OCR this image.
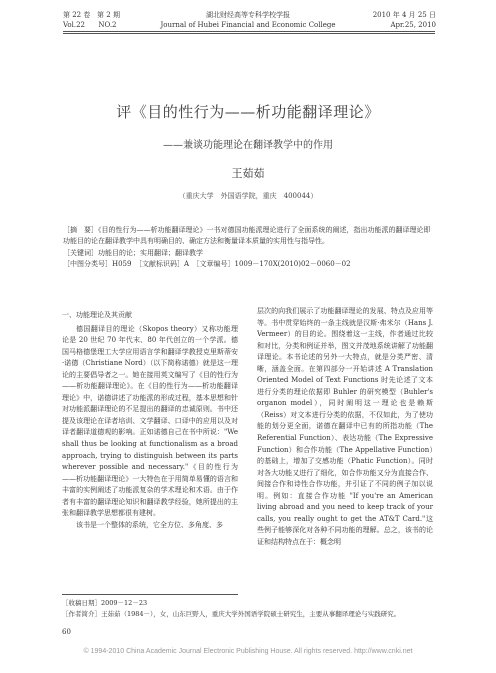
第 22 卷 第 2 期
Vol.22 NO.2
湖北财经高等专科学校学报
Journal of Hubei Financial and Economic College
2010 年 4 月 25 日
Apr.25, 2010
评《目的性行为——析功能翻译理论》
——兼谈功能理论在翻译教学中的作用
王茹茹
（重庆大学　外国语学院，重庆　400044）

［摘　要］《目的性行为——析功能翻译理论》一书对德国功能派理论进行了全面系统的阐述，指出功能派的翻译理论即功能目的论在翻译教学中具有明确目的、确定方法和衡量译本质量的实用性与指导性。

［关键词］功能目的论；实用翻译；翻译教学

［中图分类号］H059　［文献标识码］A　［文章编号］1009－170X(2010)02－0060－02

一、功能理论及其贡献

德国翻译目的理论（Skopos theory）又称功能理论是 20 世纪 70 年代末、80 年代创立的一个学派。德国马格德堡理工大学应用语言学和翻译学教授克里斯蒂安·诺德（Christiane Nord）（以下简称诺德）就是这一理论的主要倡导者之一。她在接用英文编写了《目的性行为——析功能翻译理论》。在《目的性行为——析功能翻译理论》中，诺德讲述了功能派的形成过程，基本思想和针对功能派翻译理论的不足提出的翻译的忠诚原则。书中还提及该理论在译者培训、文学翻译、口译中的应用以及对译者翻译道德观的影响。正如诺德自己在书中所说："We shall thus be looking at functionalism as a broad approach, trying to distinguish between its parts wherever possible and necessary."《目的性行为——析功能翻译理论》一大特色在于用简单易懂的语言和丰富的实例阐述了功能派复杂的学术理论和术语。由于作者有丰富的翻译理论知识和翻译教学经验，她所提出的主张和翻译教学思想都很有建树。

该书是一个整体的系统，它全方位、多角度、多

层次的向我们展示了功能翻译理论的发展、特点及应用等等。书中贯穿始终的一条主线就是汉斯·弗米尔（Hans J. Vermeer）的目的论。围绕着这一主线，作者通过比较和对比，分类和例证并举，图文并茂地系统讲解了功能翻译理论。本书论述的另外一大特点，就是分类严密、清晰，涵盖全面。在第四部分一开始讲述 A Translation Oriented Model of Text Functions 时先论述了文本进行分类的理论依据即 Buhler 的研究模型（Buhler's organon model），同时阐明这一理论也是赖斯（Reiss）对文本进行分类的依据，不仅如此，为了使功能的划分更全面，诺德在翻译中已有的所指功能（The Referential Function）、表达功能（The Expressive Function）和合作功能（The Appellative Function）的基础上，增加了交感功能（Phatic Function）。同时对各大功能又进行了细化，如合作功能又分为直接合作、间接合作和诗性合作功能，并引证了不同的例子加以说明。例如：直接合作功能 "If you're an American living abroad and you need to keep track of your calls, you really ought to get the AT&T Card."这些例子能够深化对各种不同功能的理解。总之，该书的论证和结构特点在于：概念明

［收稿日期］2009－12－23
［作者简介］王茹茹（1984－），女，山东巨野人，重庆大学外国语学院硕士研究生，主要从事翻译理论与实践研究。
60
© 1994-2010 China Academic Journal Electronic Publishing House. All rights reserved. http://www.cnki.net
